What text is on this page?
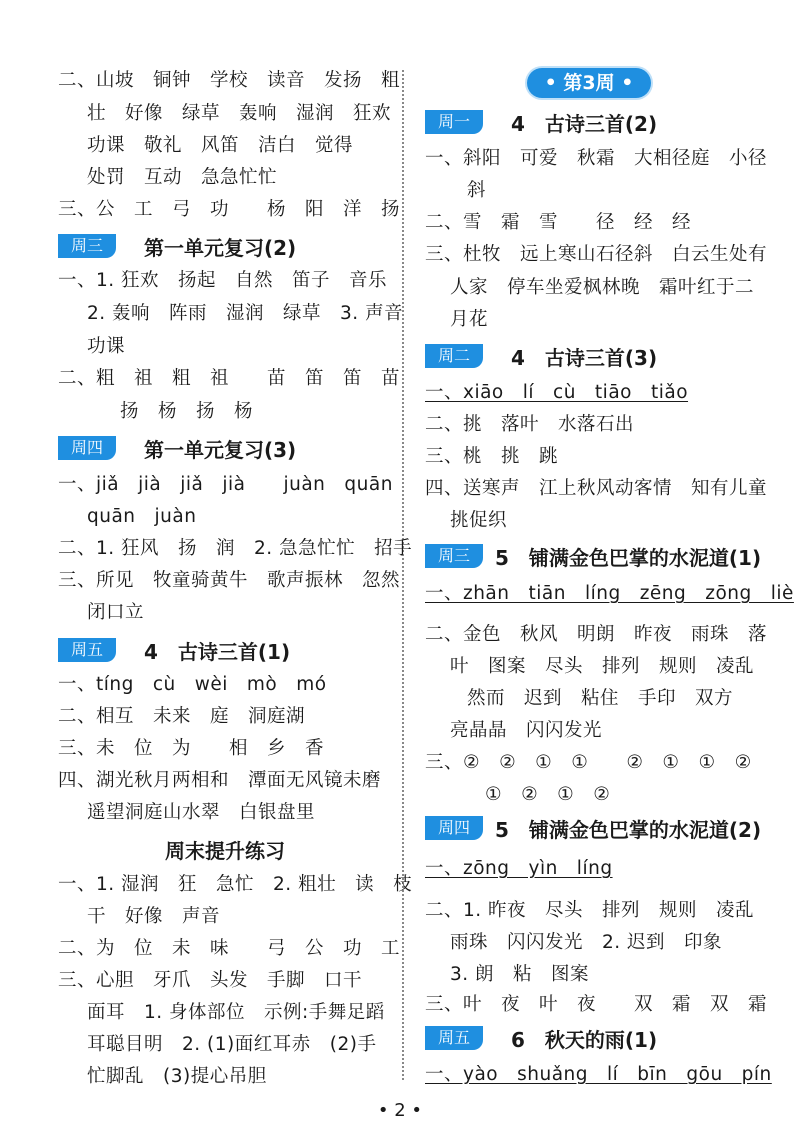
二、山坡　铜钟　学校　读音　发扬　粗
壮　好像　绿草　轰响　湿润　狂欢
功课　敬礼　风笛　洁白　觉得
处罚　互动　急急忙忙
三、公　工　弓　功　　杨　阳　洋　扬
周三	第一单元复习(2)
一、1. 狂欢　扬起　自然　笛子　音乐
2. 轰响　阵雨　湿润　绿草　3. 声音
功课
二、粗　祖　粗　祖　　苗　笛　笛　苗
扬　杨　扬　杨
周四	第一单元复习(3)
一、jiǎ　jià　jiǎ　jià　　juàn　quān
quān　juàn
二、1. 狂风　扬　润　2. 急急忙忙　招手
三、所见　牧童骑黄牛　歌声振林　忽然
闭口立
周五	4　古诗三首(1)
一、tíng　cù　wèi　mò　mó
二、相互　未来　庭　洞庭湖
三、未　位　为　　相　乡　香
四、湖光秋月两相和　潭面无风镜未磨
遥望洞庭山水翠　白银盘里
周末提升练习
一、1. 湿润　狂　急忙　2. 粗壮　读　枝
干　好像　声音
二、为　位　未　味　　弓　公　功　工
三、心胆　牙爪　头发　手脚　口干
面耳　1. 身体部位　示例:手舞足蹈
耳聪目明　2. (1)面红耳赤　(2)手
忙脚乱　(3)提心吊胆
• 第3周 •
周一	4　古诗三首(2)
一、斜阳　可爱　秋霜　大相径庭　小径
斜
二、雪　霜　雪　　径　经　经
三、杜牧　远上寒山石径斜　白云生处有
人家　停车坐爱枫林晚　霜叶红于二
月花
周二	4　古诗三首(3)
一、xiāo　lí　cù　tiāo　tiǎo
二、挑　落叶　水落石出
三、桃　挑　跳
四、送寒声　江上秋风动客情　知有儿童
挑促织
周三	5　铺满金色巴掌的水泥道(1)
一、zhān　tiān　líng　zēng　zōng　liè
二、金色　秋风　明朗　昨夜　雨珠　落
叶　图案　尽头　排列　规则　凌乱
然而　迟到　粘住　手印　双方
亮晶晶　闪闪发光
三、②　②　①　①　　②　①　①　②
①　②　①　②
周四	5　铺满金色巴掌的水泥道(2)
一、zōng　yìn　líng
二、1. 昨夜　尽头　排列　规则　凌乱
雨珠　闪闪发光　2. 迟到　印象
3. 朗　粘　图案
三、叶　夜　叶　夜　　双　霜　双　霜
周五	6　秋天的雨(1)
一、yào　shuǎng　lí　bīn　gōu　pín
• 2 •
